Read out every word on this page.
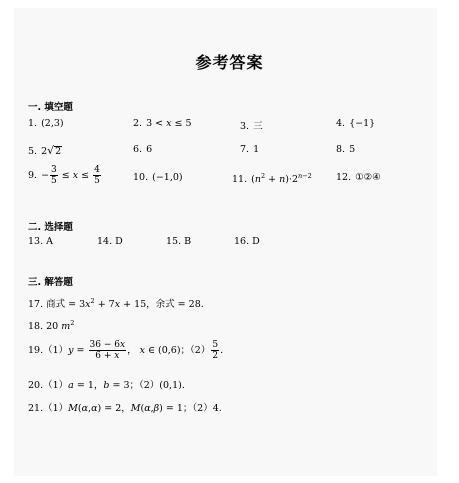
参考答案
一. 填空题
1. (2,3)	2. 3 < x ≤ 5	3. 三	4. {−1}
5. 2√2	6. 6	7. 1	8. 5
9. − $\frac{3}{5} \le x \le \frac{4}{5}$	10. (−1,0)	11. $(n^2 + n)\cdot 2^{n-2}$	12. ①②④
二. 选择题
13. A	14. D	15. B	16. D
三. 解答题
17. 商式 = $3x^2 + 7x + 15$，余式 = 28.
18. 20 $m^2$
$19.(1)y = \frac{36 - 6x}{6 + x}$ ， x ∈ (0,6)；$(2) \frac{5}{2}$ .
20.（1）a = 1，b = 3；（2）(0,1).
21.（1）M(α,α) = 2，M(α,β) = 1；（2）4.
